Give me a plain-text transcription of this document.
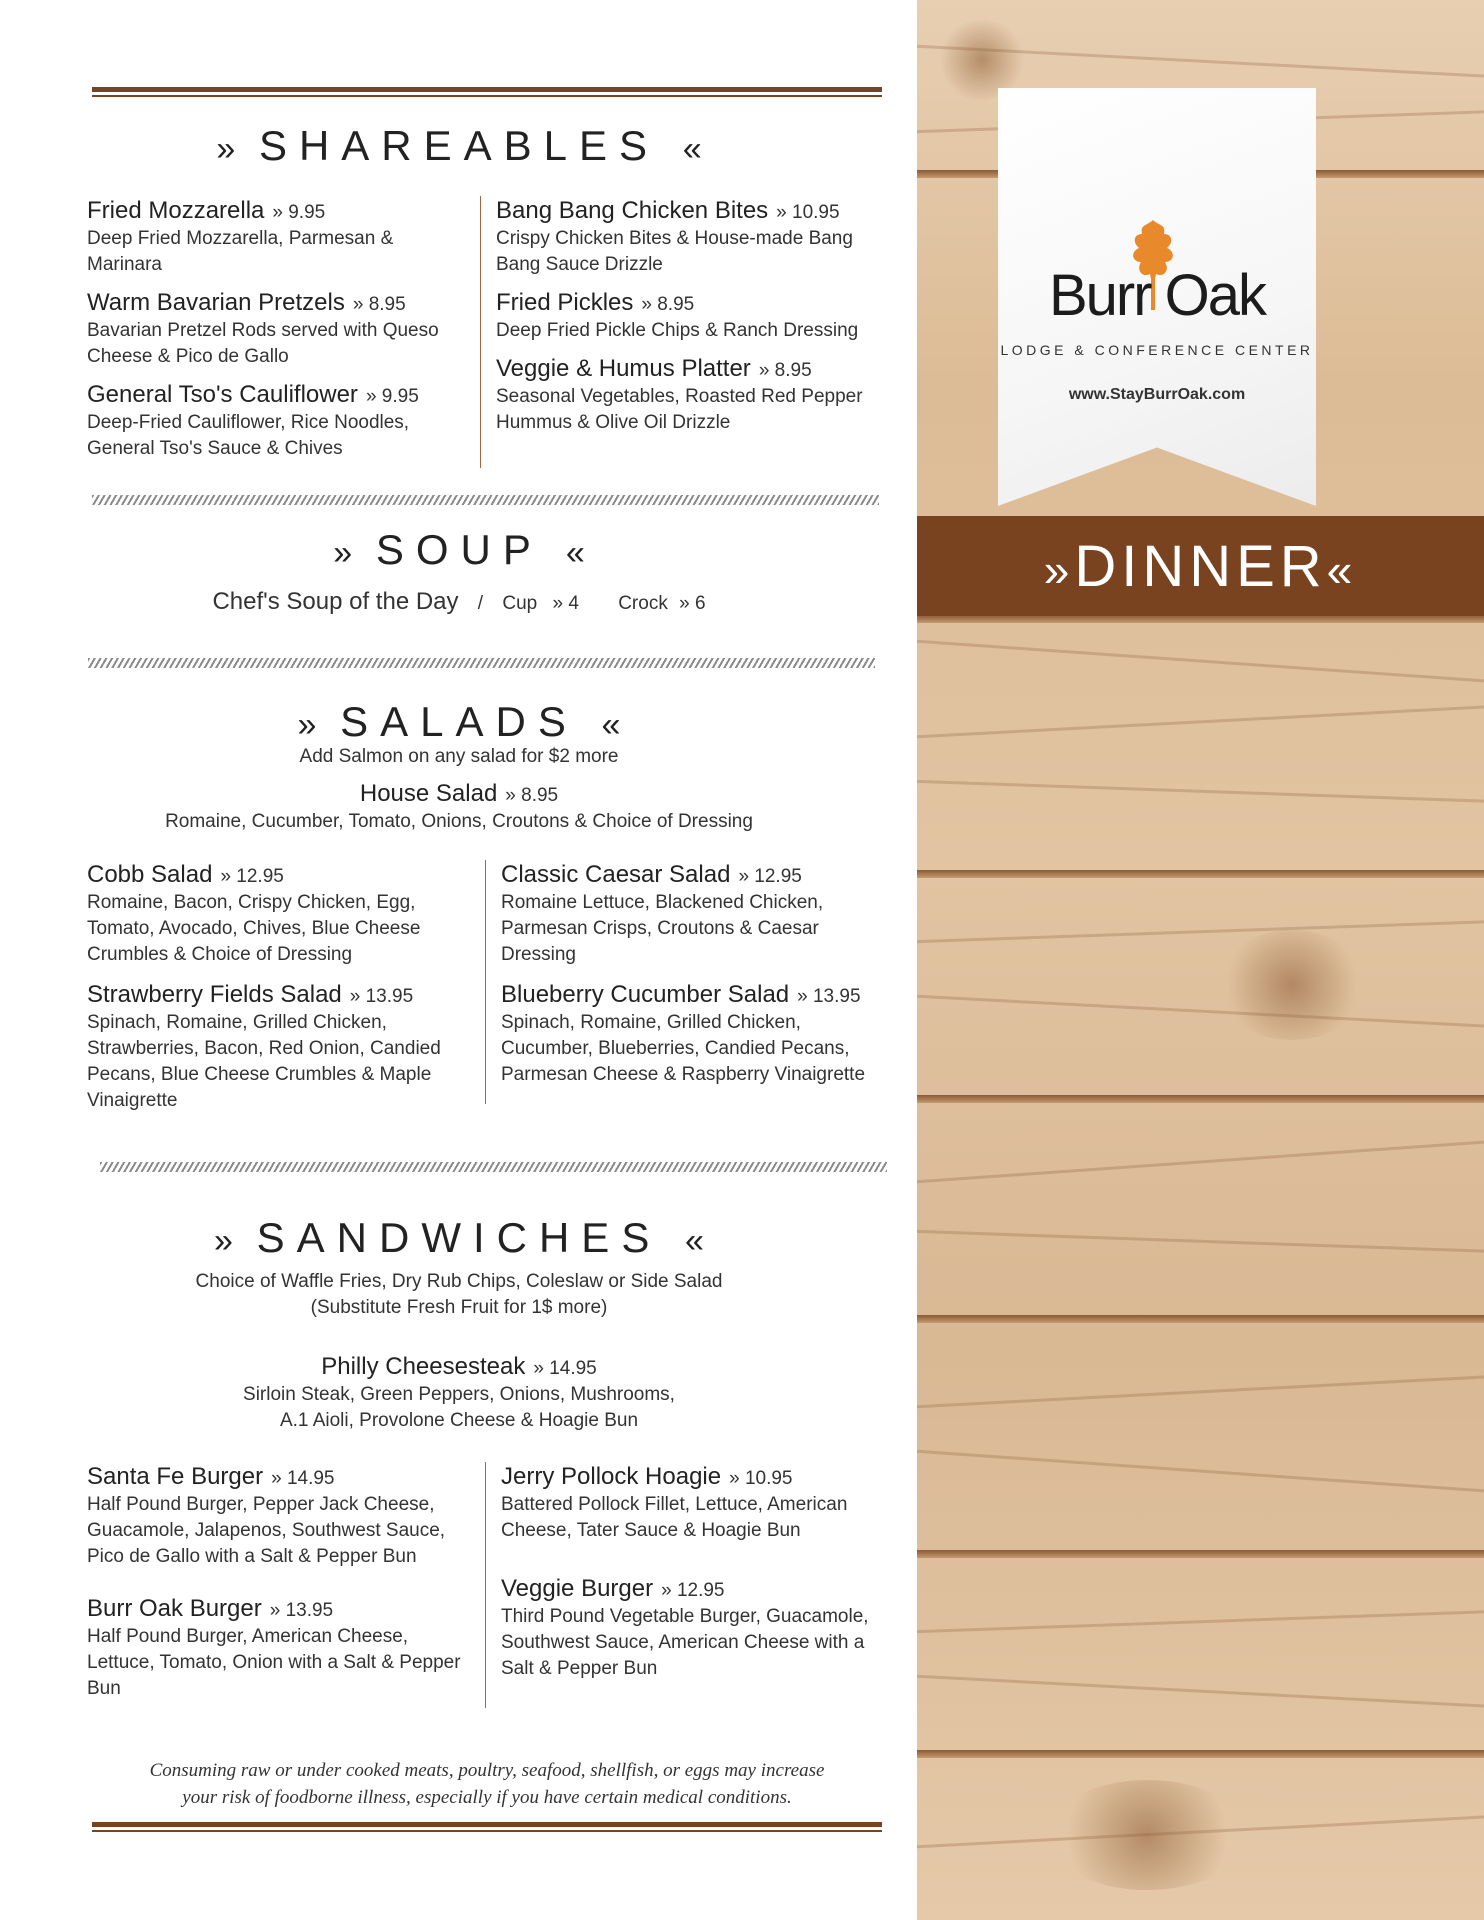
» SHAREABLES «
Fried Mozzarella » 9.95
Deep Fried Mozzarella, Parmesan & Marinara
Warm Bavarian Pretzels » 8.95
Bavarian Pretzel Rods served with Queso Cheese & Pico de Gallo
General Tso's Cauliflower » 9.95
Deep-Fried Cauliflower, Rice Noodles, General Tso's Sauce & Chives
Bang Bang Chicken Bites » 10.95
Crispy Chicken Bites & House-made Bang Bang Sauce Drizzle
Fried Pickles » 8.95
Deep Fried Pickle Chips & Ranch Dressing
Veggie & Humus Platter » 8.95
Seasonal Vegetables, Roasted Red Pepper Hummus & Olive Oil Drizzle
» SOUP «
Chef's Soup of the Day / Cup » 4 Crock » 6
» SALADS «
Add Salmon on any salad for $2 more
House Salad » 8.95
Romaine, Cucumber, Tomato, Onions, Croutons & Choice of Dressing
Cobb Salad » 12.95
Romaine, Bacon, Crispy Chicken, Egg, Tomato, Avocado, Chives, Blue Cheese Crumbles & Choice of Dressing
Strawberry Fields Salad » 13.95
Spinach, Romaine, Grilled Chicken, Strawberries, Bacon, Red Onion, Candied Pecans, Blue Cheese Crumbles & Maple Vinaigrette
Classic Caesar Salad » 12.95
Romaine Lettuce, Blackened Chicken, Parmesan Crisps, Croutons & Caesar Dressing
Blueberry Cucumber Salad » 13.95
Spinach, Romaine, Grilled Chicken, Cucumber, Blueberries, Candied Pecans, Parmesan Cheese & Raspberry Vinaigrette
» SANDWICHES «
Choice of Waffle Fries, Dry Rub Chips, Coleslaw or Side Salad
(Substitute Fresh Fruit for 1$ more)
Philly Cheesesteak » 14.95
Sirloin Steak, Green Peppers, Onions, Mushrooms,
A.1 Aioli, Provolone Cheese & Hoagie Bun
Santa Fe Burger » 14.95
Half Pound Burger, Pepper Jack Cheese, Guacamole, Jalapenos, Southwest Sauce, Pico de Gallo with a Salt & Pepper Bun
Burr Oak Burger » 13.95
Half Pound Burger, American Cheese, Lettuce, Tomato, Onion with a Salt & Pepper Bun
Jerry Pollock Hoagie » 10.95
Battered Pollock Fillet, Lettuce, American Cheese, Tater Sauce & Hoagie Bun
Veggie Burger » 12.95
Third Pound Vegetable Burger, Guacamole, Southwest Sauce, American Cheese with a Salt & Pepper Bun
Consuming raw or under cooked meats, poultry, seafood, shellfish, or eggs may increase
your risk of foodborne illness, especially if you have certain medical conditions.
Burr Oak
LODGE & CONFERENCE CENTER
www.StayBurrOak.com
»DINNER«
